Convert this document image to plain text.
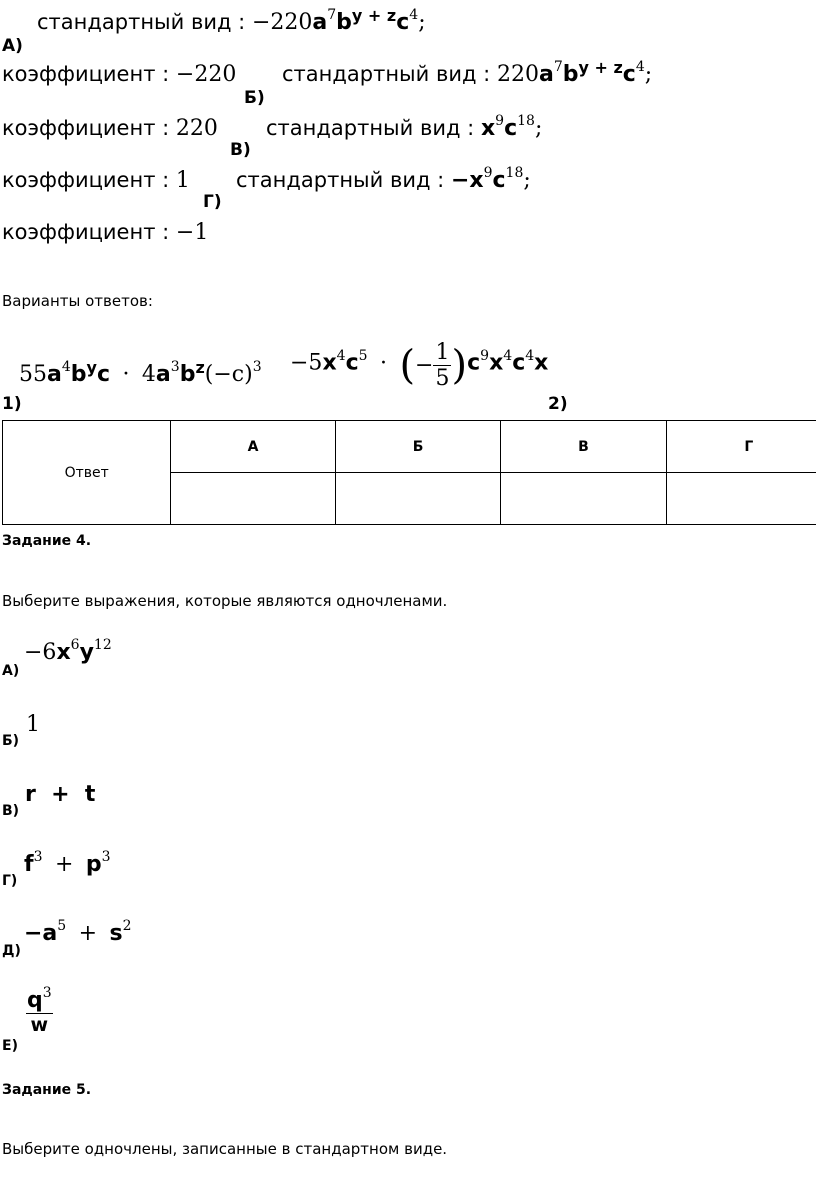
стандартный вид : $-220a^7b^{y + z}c^4$;
А)
коэффициент : −220 стандартный вид : $220a^7b^{y + z}c^4$;
Б)
коэффициент : 220 стандартный вид : $x^9c^{18}$;
В)
коэффициент : 1 стандартный вид : $-x^9c^{18}$;
Г)
коэффициент : −1
Варианты ответов:
55a4byc · 4a3bz(−c)3
1)
−5x4c5 · (− $\frac{1}{5} )c9x4c4x$
2)
Ответ	А	Б	В	Г

Задание 4.
Выберите выражения, которые являются одночленами.
−6x6y12
А)
1
Б)
r  +  t
В)
f3 + p3
Г)
−a5 + s2
Д)
q3
w
Е)
Задание 5.
Выберите одночлены, записанные в стандартном виде.
